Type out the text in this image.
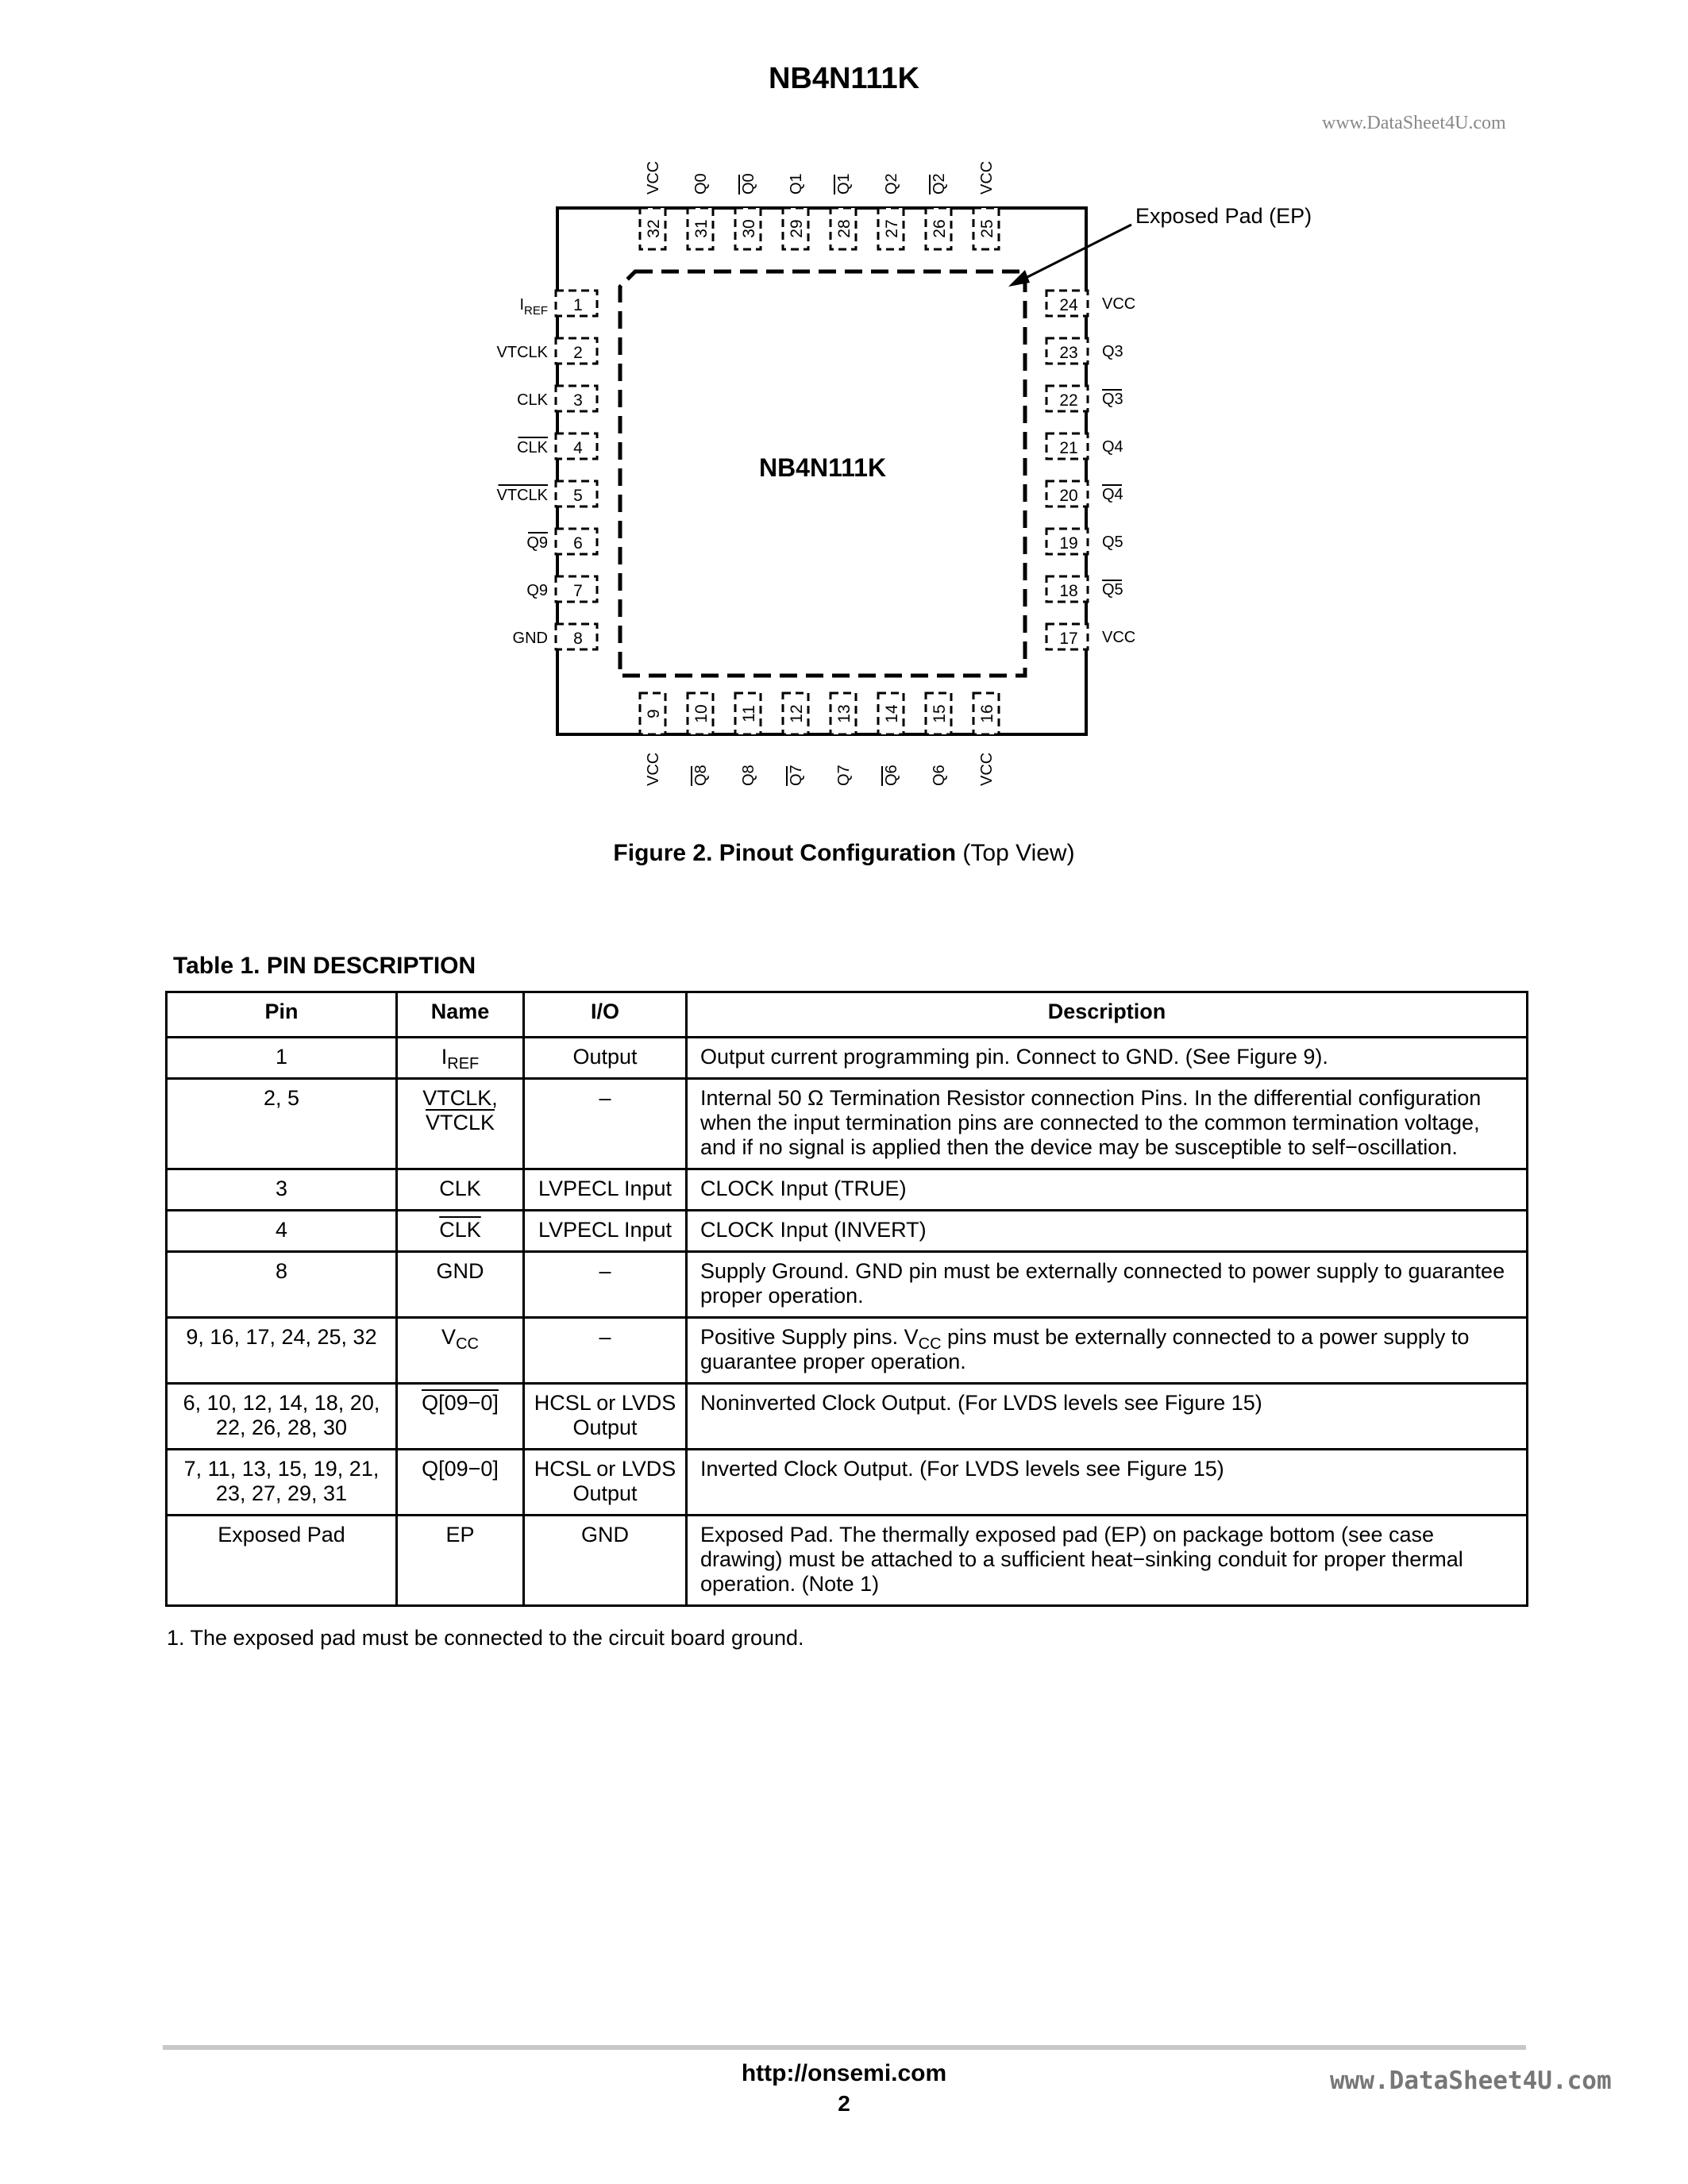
NB4N111K
www.DataSheet4U.com
NB4N111K
Exposed Pad (EP)
1
$I_{REF}$
2
VTCLK
3
CLK
4
CLK
5
VTCLK
6
Q9
7
Q9
8
GND
24 VCC
23 Q3
22 Q3
21 Q4
20 Q4
19 Q5
18 Q5
17 VCC
32
VCC
31
Q0
30
Q0
29
Q1
28
Q1
27
Q2
26
Q2
25
VCC
9
VCC
10
Q8
11
Q8
12
Q7
13
Q7
14
Q6
15
Q6
16
VCC
Figure 2. Pinout Configuration (Top View)
Table 1. PIN DESCRIPTION
Pin	Name	I/O	Description
1	$I_{REF}$	Output	Output current programming pin. Connect to GND. (See Figure 9).
2, 5	VTCLK,
VTCLK	–	Internal 50 Ω Termination Resistor connection Pins. In the differential configuration when the input termination pins are connected to the common termination voltage, and if no signal is applied then the device may be susceptible to self−oscillation.
3	CLK	LVPECL Input	CLOCK Input (TRUE)
4	$\overline{CLK}$	LVPECL Input	CLOCK Input (INVERT)
8	GND	–	Supply Ground. GND pin must be externally connected to power supply to guarantee proper operation.
9, 16, 17, 24, 25, 32	$V_{CC}$	–	Positive Supply pins. $V_{CC}$ pins must be externally connected to a power supply to guarantee proper operation.
6, 10, 12, 14, 18, 20, 22, 26, 28, 30	Q[09−0]	HCSL or LVDS Output	Noninverted Clock Output. (For LVDS levels see Figure 15)
7, 11, 13, 15, 19, 21, 23, 27, 29, 31	Q[09−0]	HCSL or LVDS Output	Inverted Clock Output. (For LVDS levels see Figure 15)
Exposed Pad	EP	GND	Exposed Pad. The thermally exposed pad (EP) on package bottom (see case drawing) must be attached to a sufficient heat−sinking conduit for proper thermal operation. (Note 1)
1. The exposed pad must be connected to the circuit board ground.
http://onsemi.com
2
www.DataSheet4U.com
